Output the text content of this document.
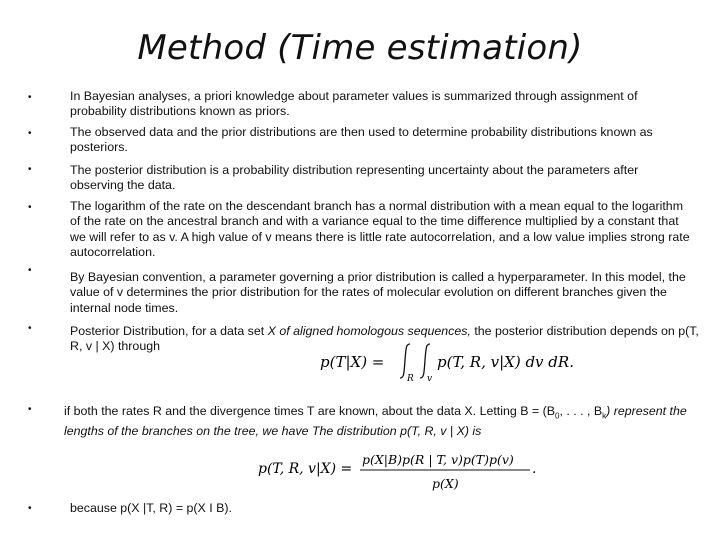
Method (Time estimation)
•
•
•
•
•
•
•
•
In Bayesian analyses, a priori knowledge about parameter values is summarized through assignment of probability distributions known as priors.
The observed data and the prior distributions are then used to determine probability distributions known as posteriors.
The posterior distribution is a probability distribution representing uncertainty about the parameters after observing the data.
The logarithm of the rate on the descendant branch has a normal distribution with a mean equal to the logarithm of the rate on the ancestral branch and with a variance equal to the time difference multiplied by a constant that we will refer to as v. A high value of v means there is little rate autocorrelation, and a low value implies strong rate autocorrelation.
By Bayesian convention, a parameter governing a prior distribution is called a hyperparameter. In this model, the value of v determines the prior distribution for the rates of molecular evolution on different branches given the internal node times.
Posterior Distribution, for a data set X of aligned homologous sequences, the posterior distribution depends on p(T, R, v | X) through
p(T|X) =
R v
p(T, R, v|X) dv dR.
if both the rates R and the divergence times T are known, about the data X. Letting $B = (B_0$, . . . , $B_k$) represent the lengths of the branches on the tree, we have The distribution p(T, R, v | X) is
p(T, R, v|X) =
p(X|B)p(R | T, v)p(T)p(v)
p(X)
.
because p(X |T, R) = p(X I B).
